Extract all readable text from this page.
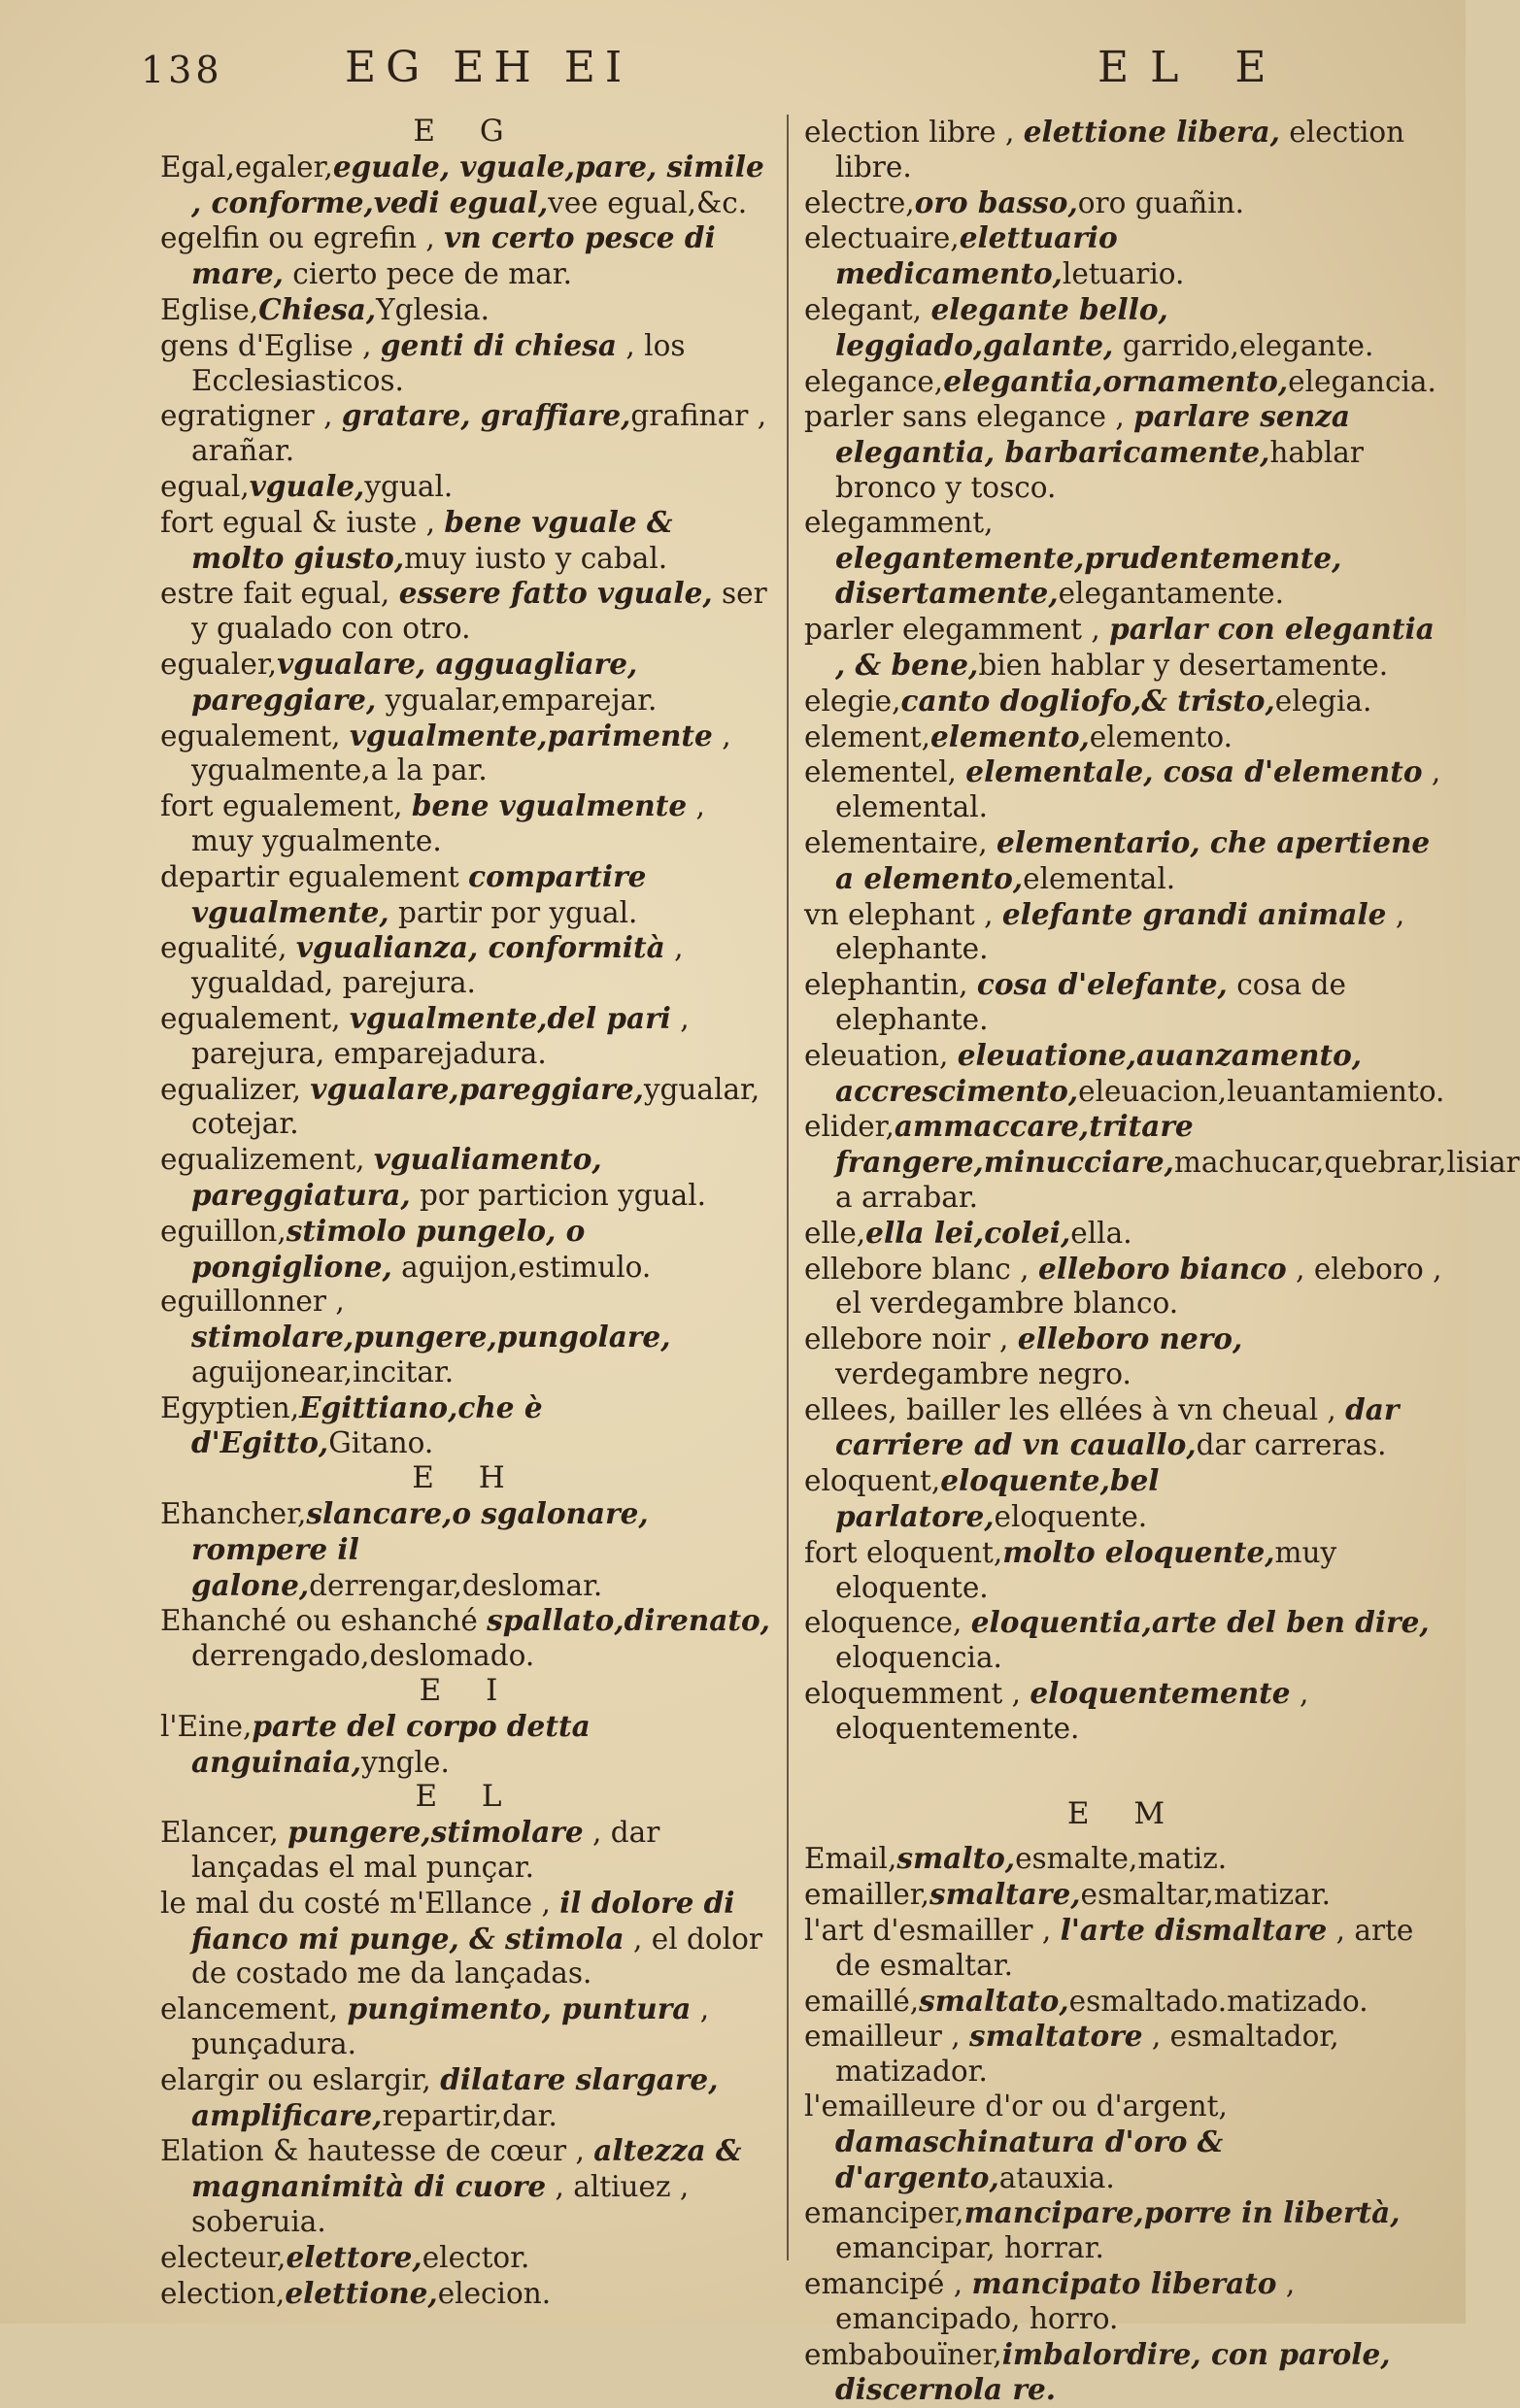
138	EG EH EI	EL E
E G
Egal,egaler,eguale, vguale,pare, simile , conforme,vedi egual,vee egual,&c.
egelfin ou egrefin , vn certo pesce di mare, cierto pece de mar.
Eglise,Chiesa,Yglesia.
gens d'Eglise , genti di chiesa , los Ecclesiasticos.
egratigner , gratare, graffiare,grafinar , arañar.
egual,vguale,ygual.
fort egual & iuste , bene vguale & molto giusto,muy iusto y cabal.
estre fait egual, essere fatto vguale, ser y gualado con otro.
egualer,vgualare, agguagliare, pareggiare, ygualar,emparejar.
egualement, vgualmente,parimente , ygualmente,a la par.
fort egualement, bene vgualmente , muy ygualmente.
departir egualement compartire vgualmente, partir por ygual.
egualité, vgualianza, conformità , ygualdad, parejura.
egualement, vgualmente,del pari , parejura, emparejadura.
egualizer, vgualare,pareggiare,ygualar, cotejar.
egualizement, vgualiamento, pareggiatura, por particion ygual.
eguillon,stimolo pungelo, o pongiglione, aguijon,estimulo.
eguillonner , stimolare,pungere,pungolare, aguijonear,incitar.
Egyptien,Egittiano,che è d'Egitto,Gitano.
E H
Ehancher,slancare,o sgalonare, rompere il galone,derrengar,deslomar.
Ehanché ou eshanché spallato,direnato, derrengado,deslomado.
E I
l'Eine,parte del corpo detta anguinaia,yngle.
E L
Elancer, pungere,stimolare , dar lançadas el mal punçar.
le mal du costé m'Ellance , il dolore di fianco mi punge, & stimola , el dolor de costado me da lançadas.
elancement, pungimento, puntura , punçadura.
elargir ou eslargir, dilatare slargare, amplificare,repartir,dar.
Elation & hautesse de cœur , altezza & magnanimità di cuore , altiuez , soberuia.
electeur,elettore,elector.
election,elettione,elecion.
election libre , elettione libera, election libre.
electre,oro basso,oro guañin.
electuaire,elettuario medicamento,letuario.
elegant, elegante bello, leggiado,galante, garrido,elegante.
elegance,elegantia,ornamento,elegancia.
parler sans elegance , parlare senza elegantia, barbaricamente,hablar bronco y tosco.
elegamment, elegantemente,prudentemente, disertamente,elegantamente.
parler elegamment , parlar con elegantia , & bene,bien hablar y desertamente.
elegie,canto dogliofo,& tristo,elegia.
element,elemento,elemento.
elementel, elementale, cosa d'elemento , elemental.
elementaire, elementario, che apertiene a elemento,elemental.
vn elephant , elefante grandi animale , elephante.
elephantin, cosa d'elefante, cosa de elephante.
eleuation, eleuatione,auanzamento, accrescimento,eleuacion,leuantamiento.
elider,ammaccare,tritare frangere,minucciare,machucar,quebrar,lisiar a arrabar.
elle,ella lei,colei,ella.
ellebore blanc , elleboro bianco , eleboro , el verdegambre blanco.
ellebore noir , elleboro nero, verdegambre negro.
ellees, bailler les ellées à vn cheual , dar carriere ad vn cauallo,dar carreras.
eloquent,eloquente,bel parlatore,eloquente.
fort eloquent,molto eloquente,muy eloquente.
eloquence, eloquentia,arte del ben dire, eloquencia.
eloquemment , eloquentemente , eloquentemente.
E M
Email,smalto,esmalte,matiz.
emailler,smaltare,esmaltar,matizar.
l'art d'esmailler , l'arte dismaltare , arte de esmaltar.
emaillé,smaltato,esmaltado.matizado.
emailleur , smaltatore , esmaltador, matizador.
l'emailleure d'or ou d'argent, damaschinatura d'oro & d'argento,atauxia.
emanciper,mancipare,porre in libertà, emancipar, horrar.
emancipé , mancipato liberato , emancipado, horro.
embabouïner,imbalordire, con parole, discernola re.
